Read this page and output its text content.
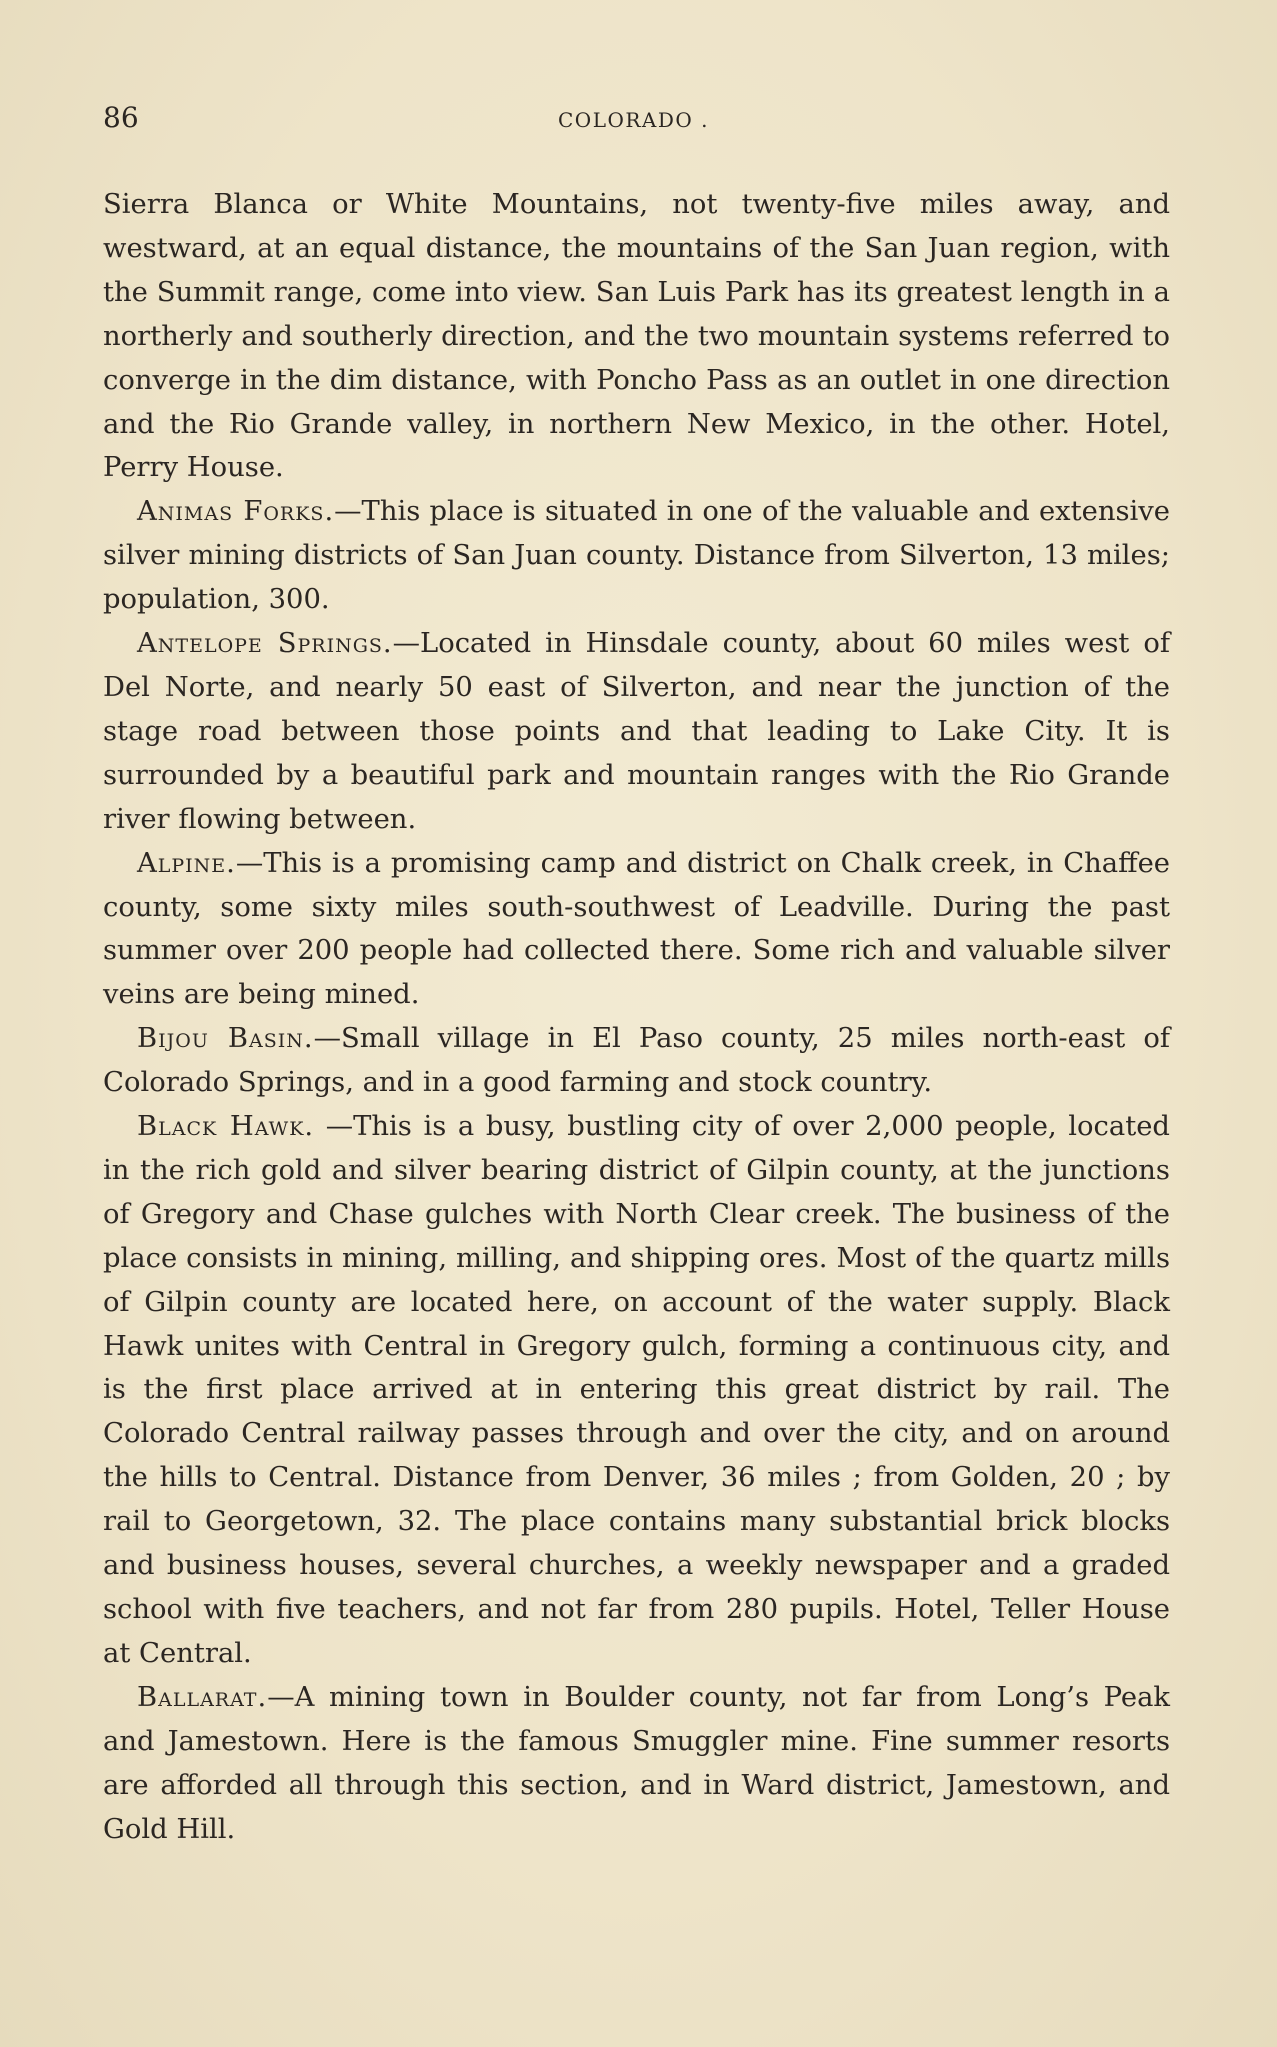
86	COLORADO .

Sierra Blanca or White Mountains, not twenty-five miles away, and westward, at an equal distance, the mountains of the San Juan region, with the Summit range, come into view. San Luis Park has its greatest length in a northerly and southerly direction, and the two mountain systems referred to converge in the dim distance, with Poncho Pass as an outlet in one direction and the Rio Grande valley, in northern New Mexico, in the other. Hotel, Perry House.

Animas Forks.—This place is situated in one of the valuable and extensive silver mining districts of San Juan county. Distance from Silverton, 13 miles; population, 300.

Antelope Springs.—Located in Hinsdale county, about 60 miles west of Del Norte, and nearly 50 east of Silverton, and near the junction of the stage road between those points and that leading to Lake City. It is surrounded by a beautiful park and mountain ranges with the Rio Grande river flowing between.

Alpine.—This is a promising camp and district on Chalk creek, in Chaffee county, some sixty miles south-southwest of Leadville. During the past summer over 200 people had collected there. Some rich and valuable silver veins are being mined.

Bijou Basin.—Small village in El Paso county, 25 miles north-east of Colorado Springs, and in a good farming and stock country.

Black Hawk. —This is a busy, bustling city of over 2,000 people, located in the rich gold and silver bearing district of Gilpin county, at the junctions of Gregory and Chase gulches with North Clear creek. The business of the place consists in mining, milling, and shipping ores. Most of the quartz mills of Gilpin county are located here, on account of the water supply. Black Hawk unites with Central in Gregory gulch, forming a continuous city, and is the first place arrived at in entering this great district by rail. The Colorado Central railway passes through and over the city, and on around the hills to Central. Distance from Denver, 36 miles ; from Golden, 20 ; by rail to Georgetown, 32. The place contains many substantial brick blocks and business houses, several churches, a weekly newspaper and a graded school with five teachers, and not far from 280 pupils. Hotel, Teller House at Central.

Ballarat.—A mining town in Boulder county, not far from Long’s Peak and Jamestown. Here is the famous Smuggler mine. Fine summer resorts are afforded all through this section, and in Ward district, Jamestown, and Gold Hill.
